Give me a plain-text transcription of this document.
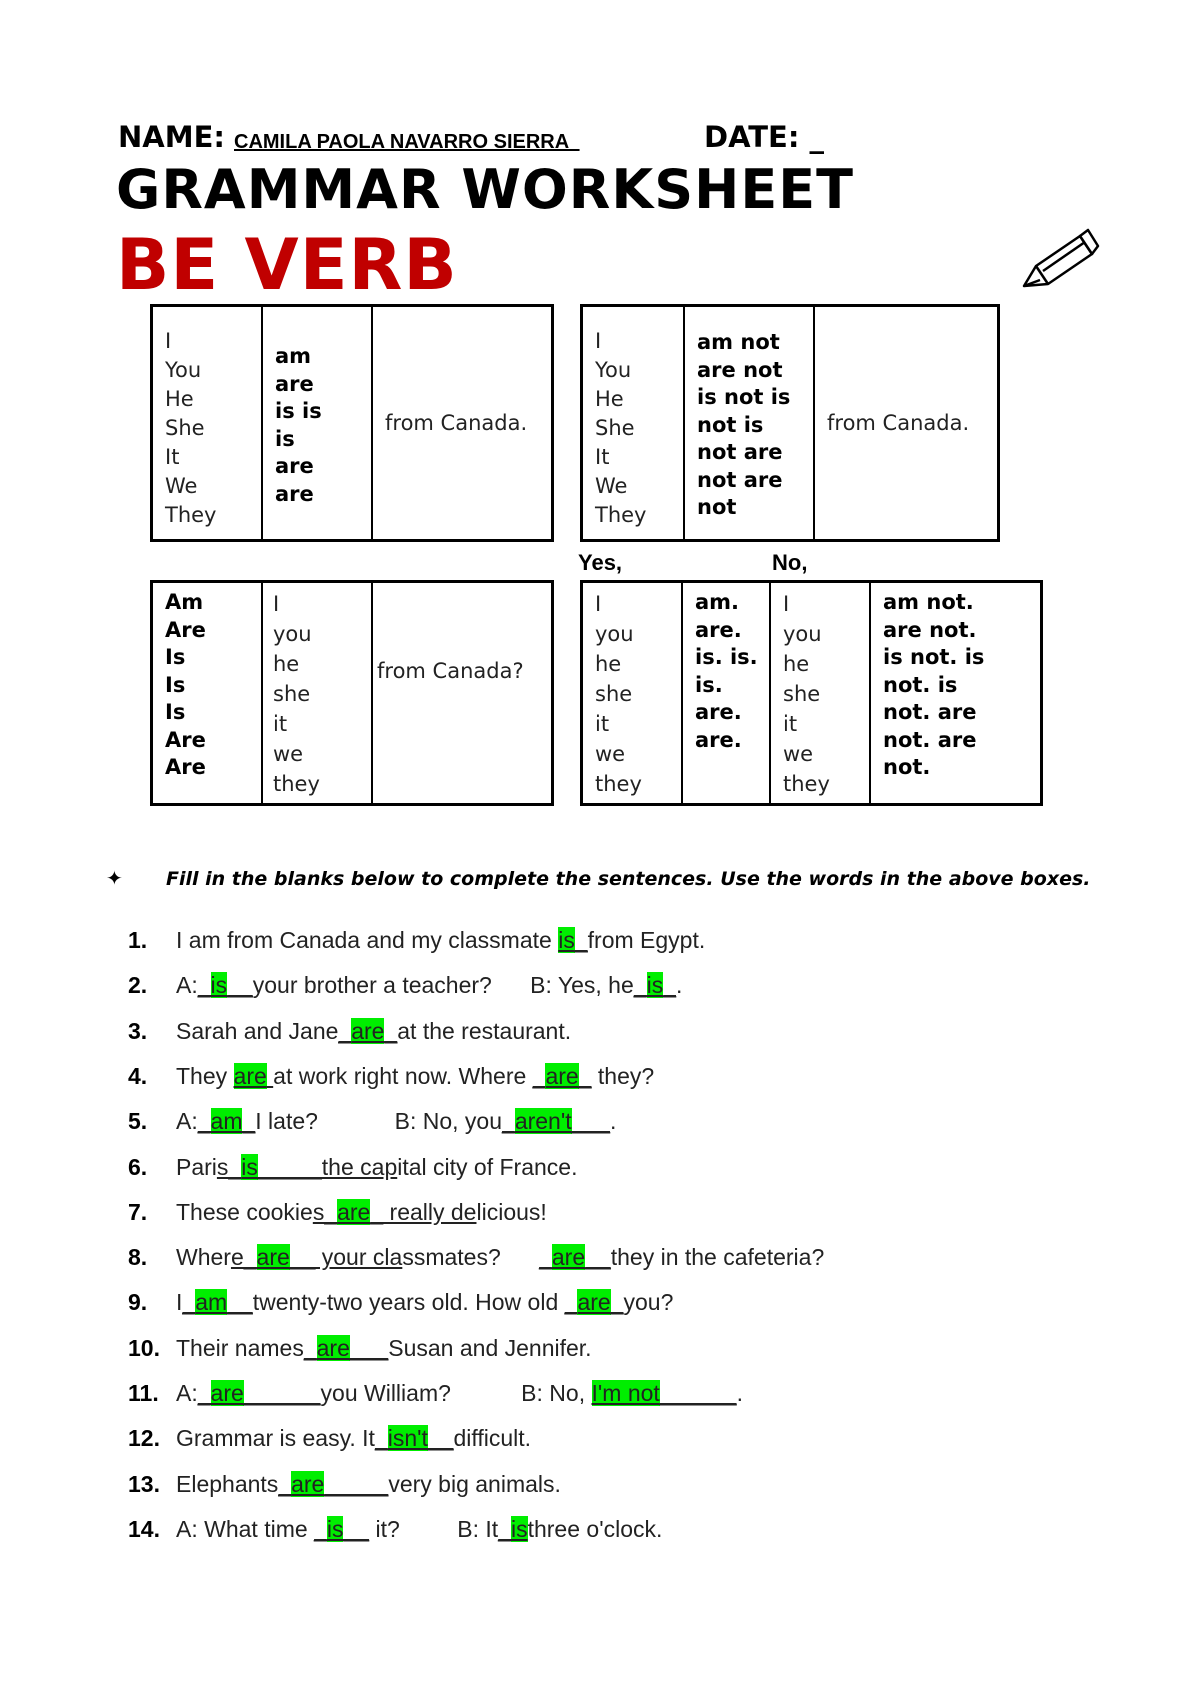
NAME: CAMILA PAOLA NAVARRO SIERRA	DATE: _
GRAMMAR WORKSHEET
BE VERB
I
You
He
She
It
We
They
am
are
is is
is
are
are
from Canada.
I
You
He
She
It
We
They
am not
are not
is not is
not is
not are
not are
not
from Canada.
Yes,	No,
Am
Are
Is
Is
Is
Are
Are
I
you
he
she
it
we
they
from Canada?
I
you
he
she
it
we
they
am.
are.
is. is.
is.
are.
are.
I
you
he
she
it
we
they
am not.
are not.
is not. is
not. is
not. are
not. are
not.
✦ Fill in the blanks below to complete the sentences. Use the words in the above boxes.
1. I am from Canada and my classmate is_from Egypt.
2. A:_is__your brother a teacher?      B: Yes, he_is_.
3. Sarah and Jane_are_at the restaurant.
4. They are at work right now. Where _are_ they?
5. A:_am_I late?            B: No, you_aren't___.
6. Paris_is_____the capital city of France.
7. These cookies_are_ really delicious!
8. Where_are__ your classmates?      _are__they in the cafeteria?
9. I_am__twenty-two years old. How old _are_you?
10. Their names_are___Susan and Jennifer.
11. A:_are______you William?           B: No, I'm not______.
12. Grammar is easy. It_isn't__difficult.
13. Elephants_are_____very big animals.
14. A: What time _is__ it?         B: It_isthree o'clock.
